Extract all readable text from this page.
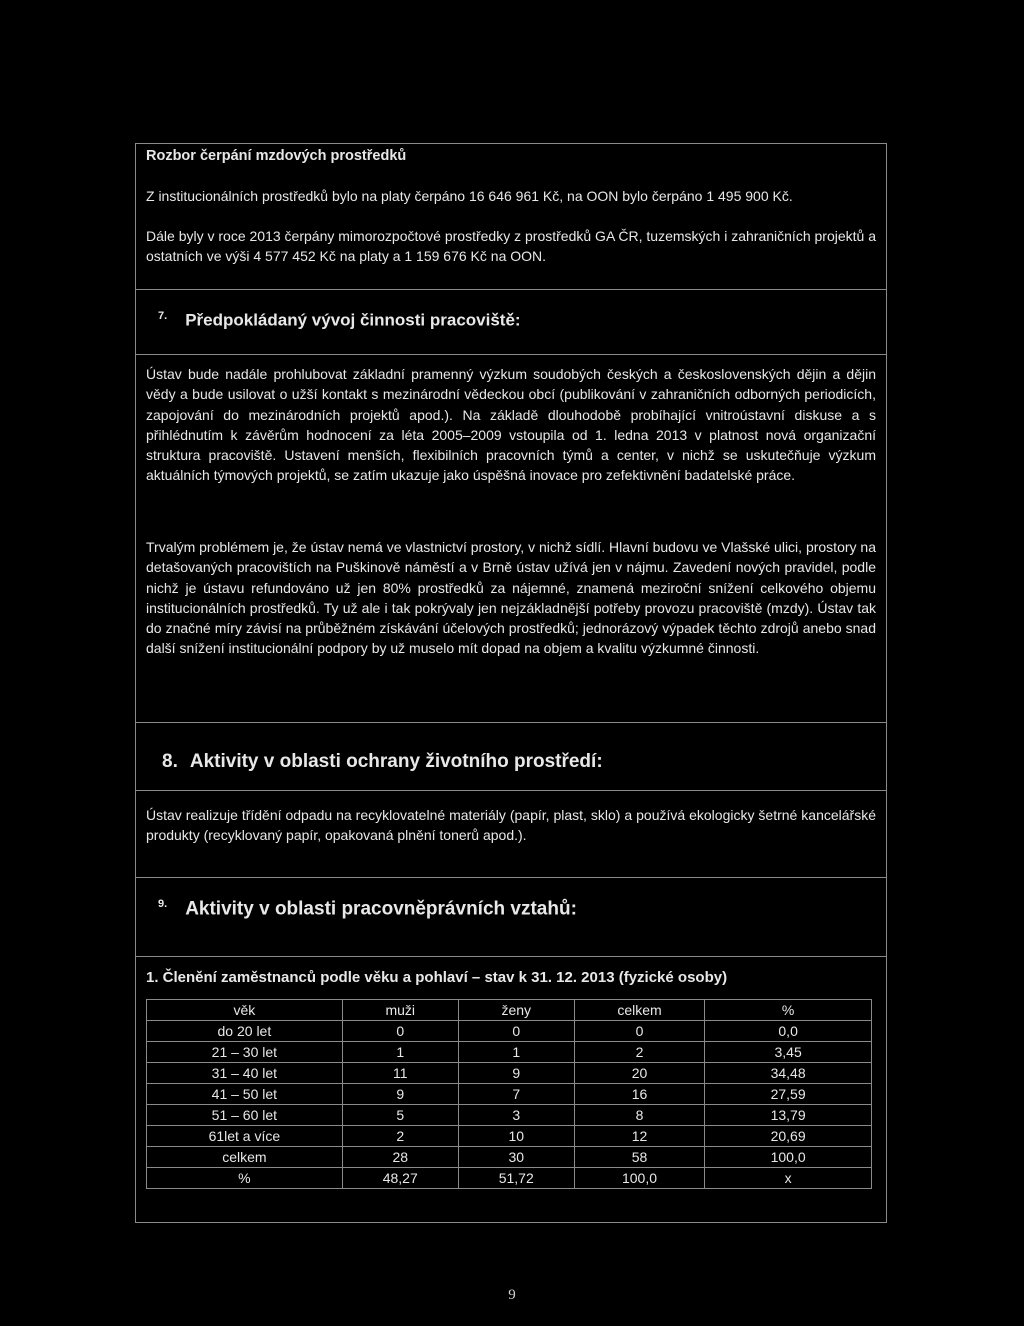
Rozbor čerpání mzdových prostředků

Z institucionálních prostředků bylo na platy čerpáno 16 646 961 Kč, na OON bylo čerpáno 1 495 900 Kč.

Dále byly v roce 2013 čerpány mimorozpočtové prostředky z prostředků GA ČR, tuzemských i zahraničních projektů a ostatních ve výši 4 577 452 Kč na platy a 1 159 676 Kč na OON.

$^{7.}$ Předpokládaný vývoj činnosti pracoviště:

Ústav bude nadále prohlubovat základní pramenný výzkum soudobých českých a československých dějin a dějin vědy a bude usilovat o užší kontakt s mezinárodní vědeckou obcí (publikování v zahraničních odborných periodicích, zapojování do mezinárodních projektů apod.). Na základě dlouhodobě probíhající vnitroústavní diskuse a s přihlédnutím k závěrům hodnocení za léta 2005–2009 vstoupila od 1. ledna 2013 v platnost nová organizační struktura pracoviště. Ustavení menších, flexibilních pracovních týmů a center, v nichž se uskutečňuje výzkum aktuálních týmových projektů, se zatím ukazuje jako úspěšná inovace pro zefektivnění badatelské práce.

Trvalým problémem je, že ústav nemá ve vlastnictví prostory, v nichž sídlí. Hlavní budovu ve Vlašské ulici, prostory na detašovaných pracovištích na Puškinově náměstí a v Brně ústav užívá jen v nájmu. Zavedení nových pravidel, podle nichž je ústavu refundováno už jen 80% prostředků za nájemné, znamená meziroční snížení celkového objemu institucionálních prostředků. Ty už ale i tak pokrývaly jen nejzákladnější potřeby provozu pracoviště (mzdy). Ústav tak do značné míry závisí na průběžném získávání účelových prostředků; jednorázový výpadek těchto zdrojů anebo snad další snížení institucionální podpory by už muselo mít dopad na objem a kvalitu výzkumné činnosti.

8. Aktivity v oblasti ochrany životního prostředí:

Ústav realizuje třídění odpadu na recyklovatelné materiály (papír, plast, sklo) a používá ekologicky šetrné kancelářské produkty (recyklovaný papír, opakovaná plnění tonerů apod.).

$^{9.}$ Aktivity v oblasti pracovněprávních vztahů:
1. Členění zaměstnanců podle věku a pohlaví – stav k 31. 12. 2013 (fyzické osoby)
věk	muži	ženy	celkem	%
do 20 let	0	0	0	0,0
21 – 30 let	1	1	2	3,45
31 – 40 let	11	9	20	34,48
41 – 50 let	9	7	16	27,59
51 – 60 let	5	3	8	13,79
61let a více	2	10	12	20,69
celkem	28	30	58	100,0
%	48,27	51,72	100,0	x
9
